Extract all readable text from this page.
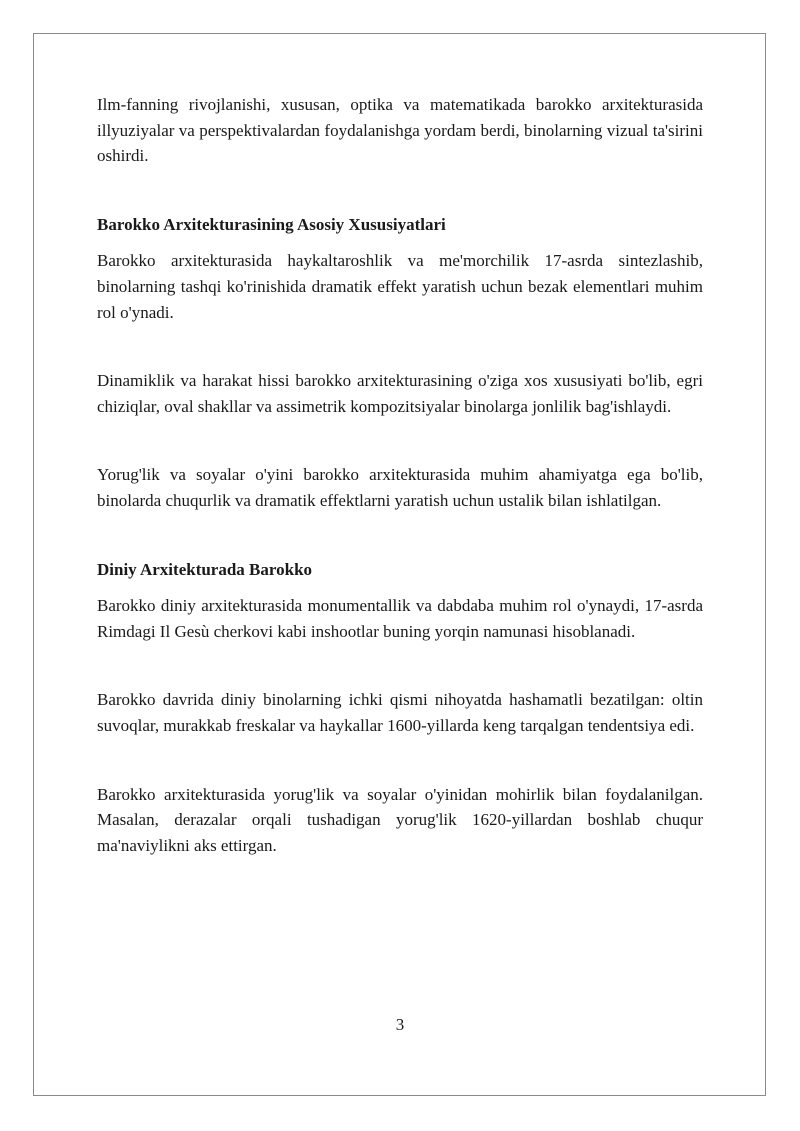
Ilm-fanning rivojlanishi, xususan, optika va matematikada barokko arxitekturasida illyuziyalar va perspektivalardan foydalanishga yordam berdi, binolarning vizual ta'sirini oshirdi.

Barokko Arxitekturasining Asosiy Xususiyatlari

Barokko arxitekturasida haykaltaroshlik va me'morchilik 17-asrda sintezlashib, binolarning tashqi ko'rinishida dramatik effekt yaratish uchun bezak elementlari muhim rol o'ynadi.

Dinamiklik va harakat hissi barokko arxitekturasining o'ziga xos xususiyati bo'lib, egri chiziqlar, oval shakllar va assimetrik kompozitsiyalar binolarga jonlilik bag'ishlaydi.

Yorug'lik va soyalar o'yini barokko arxitekturasida muhim ahamiyatga ega bo'lib, binolarda chuqurlik va dramatik effektlarni yaratish uchun ustalik bilan ishlatilgan.

Diniy Arxitekturada Barokko

Barokko diniy arxitekturasida monumentallik va dabdaba muhim rol o'ynaydi, 17-asrda Rimdagi Il Gesù cherkovi kabi inshootlar buning yorqin namunasi hisoblanadi.

Barokko davrida diniy binolarning ichki qismi nihoyatda hashamatli bezatilgan: oltin suvoqlar, murakkab freskalar va haykallar 1600-yillarda keng tarqalgan tendentsiya edi.

Barokko arxitekturasida yorug'lik va soyalar o'yinidan mohirlik bilan foydalanilgan. Masalan, derazalar orqali tushadigan yorug'lik 1620-yillardan boshlab chuqur ma'naviylikni aks ettirgan.

3
